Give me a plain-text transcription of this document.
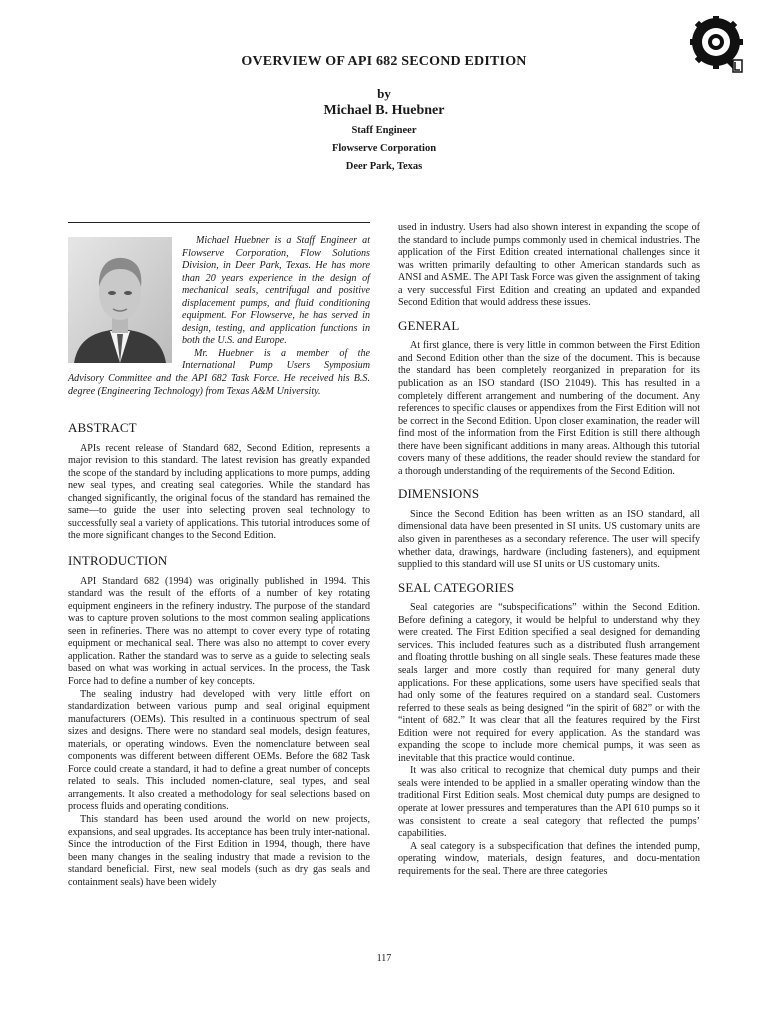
OVERVIEW OF API 682 SECOND EDITION
by
Michael B. Huebner
Staff Engineer
Flowserve Corporation
Deer Park, Texas

Michael Huebner is a Staff Engineer at Flowserve Corporation, Flow Solutions Division, in Deer Park, Texas. He has more than 20 years experience in the design of mechanical seals, centrifugal and positive displacement pumps, and fluid conditioning equipment. For Flowserve, he has served in design, testing, and application functions in both the U.S. and Europe.

Mr. Huebner is a member of the International Pump Users Symposium Advisory Committee and the API 682 Task Force. He received his B.S. degree (Engineering Technology) from Texas A&M University.

ABSTRACT

APIs recent release of Standard 682, Second Edition, represents a major revision to this standard. The latest revision has greatly expanded the scope of the standard by including applications to more pumps, adding new seal types, and creating seal categories. While the standard has changed significantly, the original focus of the standard has remained the same—to guide the user into selecting proven seal technology to successfully seal a variety of applications. This tutorial introduces some of the more significant changes to the Second Edition.

INTRODUCTION

API Standard 682 (1994) was originally published in 1994. This standard was the result of the efforts of a number of key rotating equipment engineers in the refinery industry. The purpose of the standard was to capture proven solutions to the most common sealing applications seen in refineries. There was no attempt to cover every type of rotating equipment or mechanical seal. There was also no attempt to cover every application. Rather the standard was to serve as a guide to selecting seals based on what was working in actual services. In the process, the Task Force had to define a number of key concepts.

The sealing industry had developed with very little effort on standardization between various pump and seal original equipment manufacturers (OEMs). This resulted in a continuous spectrum of seal sizes and designs. There were no standard seal models, design features, materials, or operating windows. Even the nomenclature between seal components was different between different OEMs. Before the 682 Task Force could create a standard, it had to define a great number of concepts related to seals. This included nomen-clature, seal types, and seal arrangements. It also created a methodology for seal selections based on process fluids and operating conditions.

This standard has been used around the world on new projects, expansions, and seal upgrades. Its acceptance has been truly inter-national. Since the introduction of the First Edition in 1994, though, there have been many changes in the sealing industry that made a revision to the standard beneficial. First, new seal models (such as dry gas seals and containment seals) have been widely

used in industry. Users had also shown interest in expanding the scope of the standard to include pumps commonly used in chemical industries. The application of the First Edition created international challenges since it was written primarily defaulting to other American standards such as ANSI and ASME. The API Task Force was given the assignment of taking a very successful First Edition and creating an updated and expanded Second Edition that would address these issues.

GENERAL

At first glance, there is very little in common between the First Edition and Second Edition other than the size of the document. This is because the standard has been completely reorganized in preparation for its publication as an ISO standard (ISO 21049). This has resulted in a completely different arrangement and numbering of the document. Any references to specific clauses or appendixes from the First Edition will not be correct in the Second Edition. Upon closer examination, the reader will find most of the information from the First Edition is still there although there have been significant additions in many areas. Although this tutorial covers many of these additions, the reader should review the standard for a thorough understanding of the requirements of the Second Edition.

DIMENSIONS

Since the Second Edition has been written as an ISO standard, all dimensional data have been presented in SI units. US customary units are also given in parentheses as a secondary reference. The user will specify whether data, drawings, hardware (including fasteners), and equipment supplied to this standard will use SI units or US customary units.

SEAL CATEGORIES

Seal categories are “subspecifications” within the Second Edition. Before defining a category, it would be helpful to understand why they were created. The First Edition specified a seal designed for demanding services. This included features such as a distributed flush arrangement and floating throttle bushing on all single seals. These features made these seals larger and more costly than required for many general duty applications. For these applications, some users have specified seals that had only some of the features required on a standard seal. Customers referred to these seals as being designed “in the spirit of 682” or with the “intent of 682.” It was clear that all the features required by the First Edition were not required for every application. As the standard was expanding the scope to include more chemical pumps, it was seen as inevitable that this practice would continue.

It was also critical to recognize that chemical duty pumps and their seals were intended to be applied in a smaller operating window than the traditional First Edition seals. Most chemical duty pumps are designed to operate at lower pressures and temperatures than the API 610 pumps so it was consistent to create a seal category that reflected the pumps’ capabilities.

A seal category is a subspecification that defines the intended pump, operating window, materials, design features, and docu-mentation requirements for the seal. There are three categories

117
